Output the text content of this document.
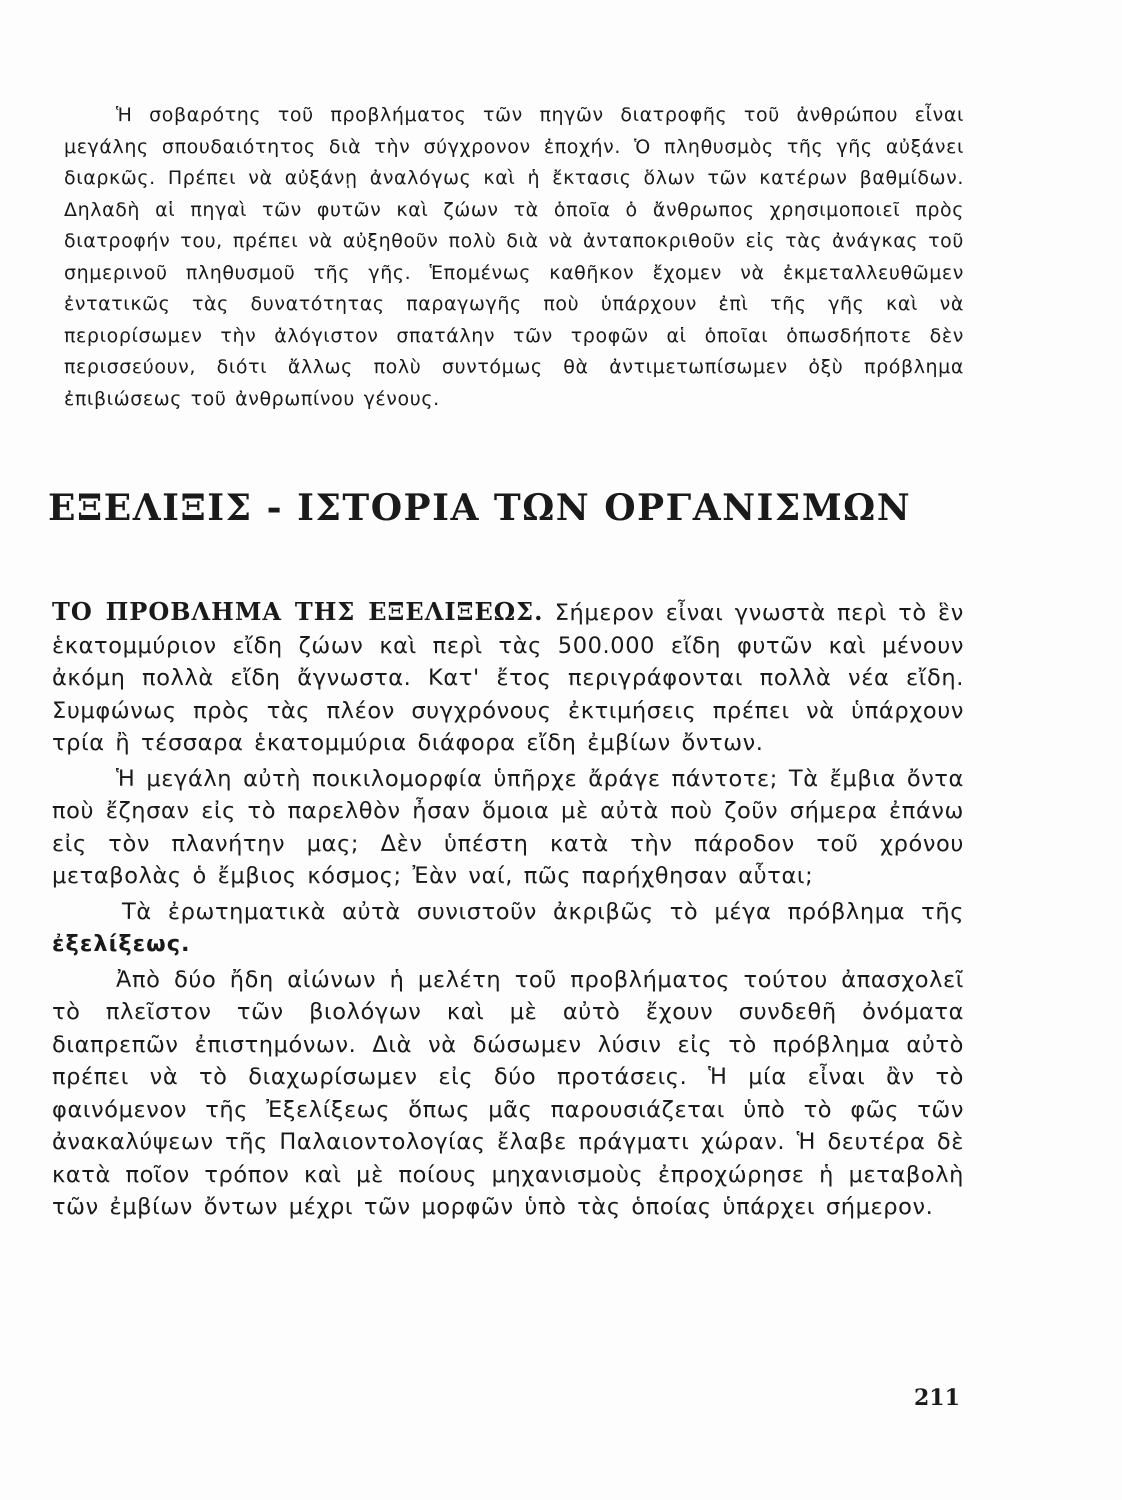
Ἡ σοβαρότης τοῦ προβλήματος τῶν πηγῶν διατροφῆς τοῦ ἀνθρώπου εἶναι μεγάλης σπουδαιότητος διὰ τὴν σύγχρονον ἐποχήν. Ὁ πληθυσμὸς τῆς γῆς αὐξάνει διαρκῶς. Πρέπει νὰ αὐξάνῃ ἀναλόγως καὶ ἡ ἔκτασις ὅλων τῶν κατέρων βαθμίδων. Δηλαδὴ αἱ πηγαὶ τῶν φυτῶν καὶ ζώων τὰ ὁποῖα ὁ ἄνθρωπος χρησιμοποιεῖ πρὸς διατροφήν του, πρέπει νὰ αὐξηθοῦν πολὺ διὰ νὰ ἀνταποκριθοῦν εἰς τὰς ἀνάγκας τοῦ σημερινοῦ πληθυσμοῦ τῆς γῆς. Ἑπομένως καθῆκον ἔχομεν νὰ ἐκμεταλλευθῶμεν ἐντατικῶς τὰς δυνατότητας παραγωγῆς ποὺ ὑπάρχουν ἐπὶ τῆς γῆς καὶ νὰ περιορίσωμεν τὴν ἀλόγιστον σπατάλην τῶν τροφῶν αἱ ὁποῖαι ὁπωσδήποτε δὲν περισσεύουν, διότι ἄλλως πολὺ συντόμως θὰ ἀντιμετωπίσωμεν ὀξὺ πρόβλημα ἐπιβιώσεως τοῦ ἀνθρωπίνου γένους.

ΕΞΕΛΙΞΙΣ - ΙΣΤΟΡΙΑ ΤΩΝ ΟΡΓΑΝΙΣΜΩΝ

ΤΟ ΠΡΟΒΛΗΜΑ ΤΗΣ ΕΞΕΛΙΞΕΩΣ. Σήμερον εἶναι γνωστὰ περὶ τὸ ἓν ἑκατομμύριον εἴδη ζώων καὶ περὶ τὰς 500.000 εἴδη φυτῶν καὶ μένουν ἀκόμη πολλὰ εἴδη ἄγνωστα. Κατ' ἔτος περιγράφονται πολλὰ νέα εἴδη. Συμφώνως πρὸς τὰς πλέον συγχρόνους ἐκτιμήσεις πρέπει νὰ ὑπάρχουν τρία ἢ τέσσαρα ἑκατομμύρια διάφορα εἴδη ἐμβίων ὄντων.

Ἡ μεγάλη αὐτὴ ποικιλομορφία ὑπῆρχε ἄράγε πάντοτε; Τὰ ἔμβια ὄντα ποὺ ἔζησαν εἰς τὸ παρελθὸν ἦσαν ὅμοια μὲ αὐτὰ ποὺ ζοῦν σήμερα ἐπάνω εἰς τὸν πλανήτην μας; Δὲν ὑπέστη κατὰ τὴν πάροδον τοῦ χρόνου μεταβολὰς ὁ ἔμβιος κόσμος; Ἐὰν ναί, πῶς παρήχθησαν αὗται;

Τὰ ἐρωτηματικὰ αὐτὰ συνιστοῦν ἀκριβῶς τὸ μέγα πρόβλημα τῆς ἐξελίξεως.

Ἀπὸ δύο ἤδη αἰώνων ἡ μελέτη τοῦ προβλήματος τούτου ἀπασχολεῖ τὸ πλεῖστον τῶν βιολόγων καὶ μὲ αὐτὸ ἔχουν συνδεθῆ ὀνόματα διαπρεπῶν ἐπιστημόνων. Διὰ νὰ δώσωμεν λύσιν εἰς τὸ πρόβλημα αὐτὸ πρέπει νὰ τὸ διαχωρίσωμεν εἰς δύο προτάσεις. Ἡ μία εἶναι ἂν τὸ φαινόμενον τῆς Ἐξελίξεως ὅπως μᾶς παρουσιάζεται ὑπὸ τὸ φῶς τῶν ἀνακαλύψεων τῆς Παλαιοντολογίας ἔλαβε πράγματι χώραν. Ἡ δευτέρα δὲ κατὰ ποῖον τρόπον καὶ μὲ ποίους μηχανισμοὺς ἐπροχώρησε ἡ μεταβολὴ τῶν ἐμβίων ὄντων μέχρι τῶν μορφῶν ὑπὸ τὰς ὁποίας ὑπάρχει σήμερον.

211
